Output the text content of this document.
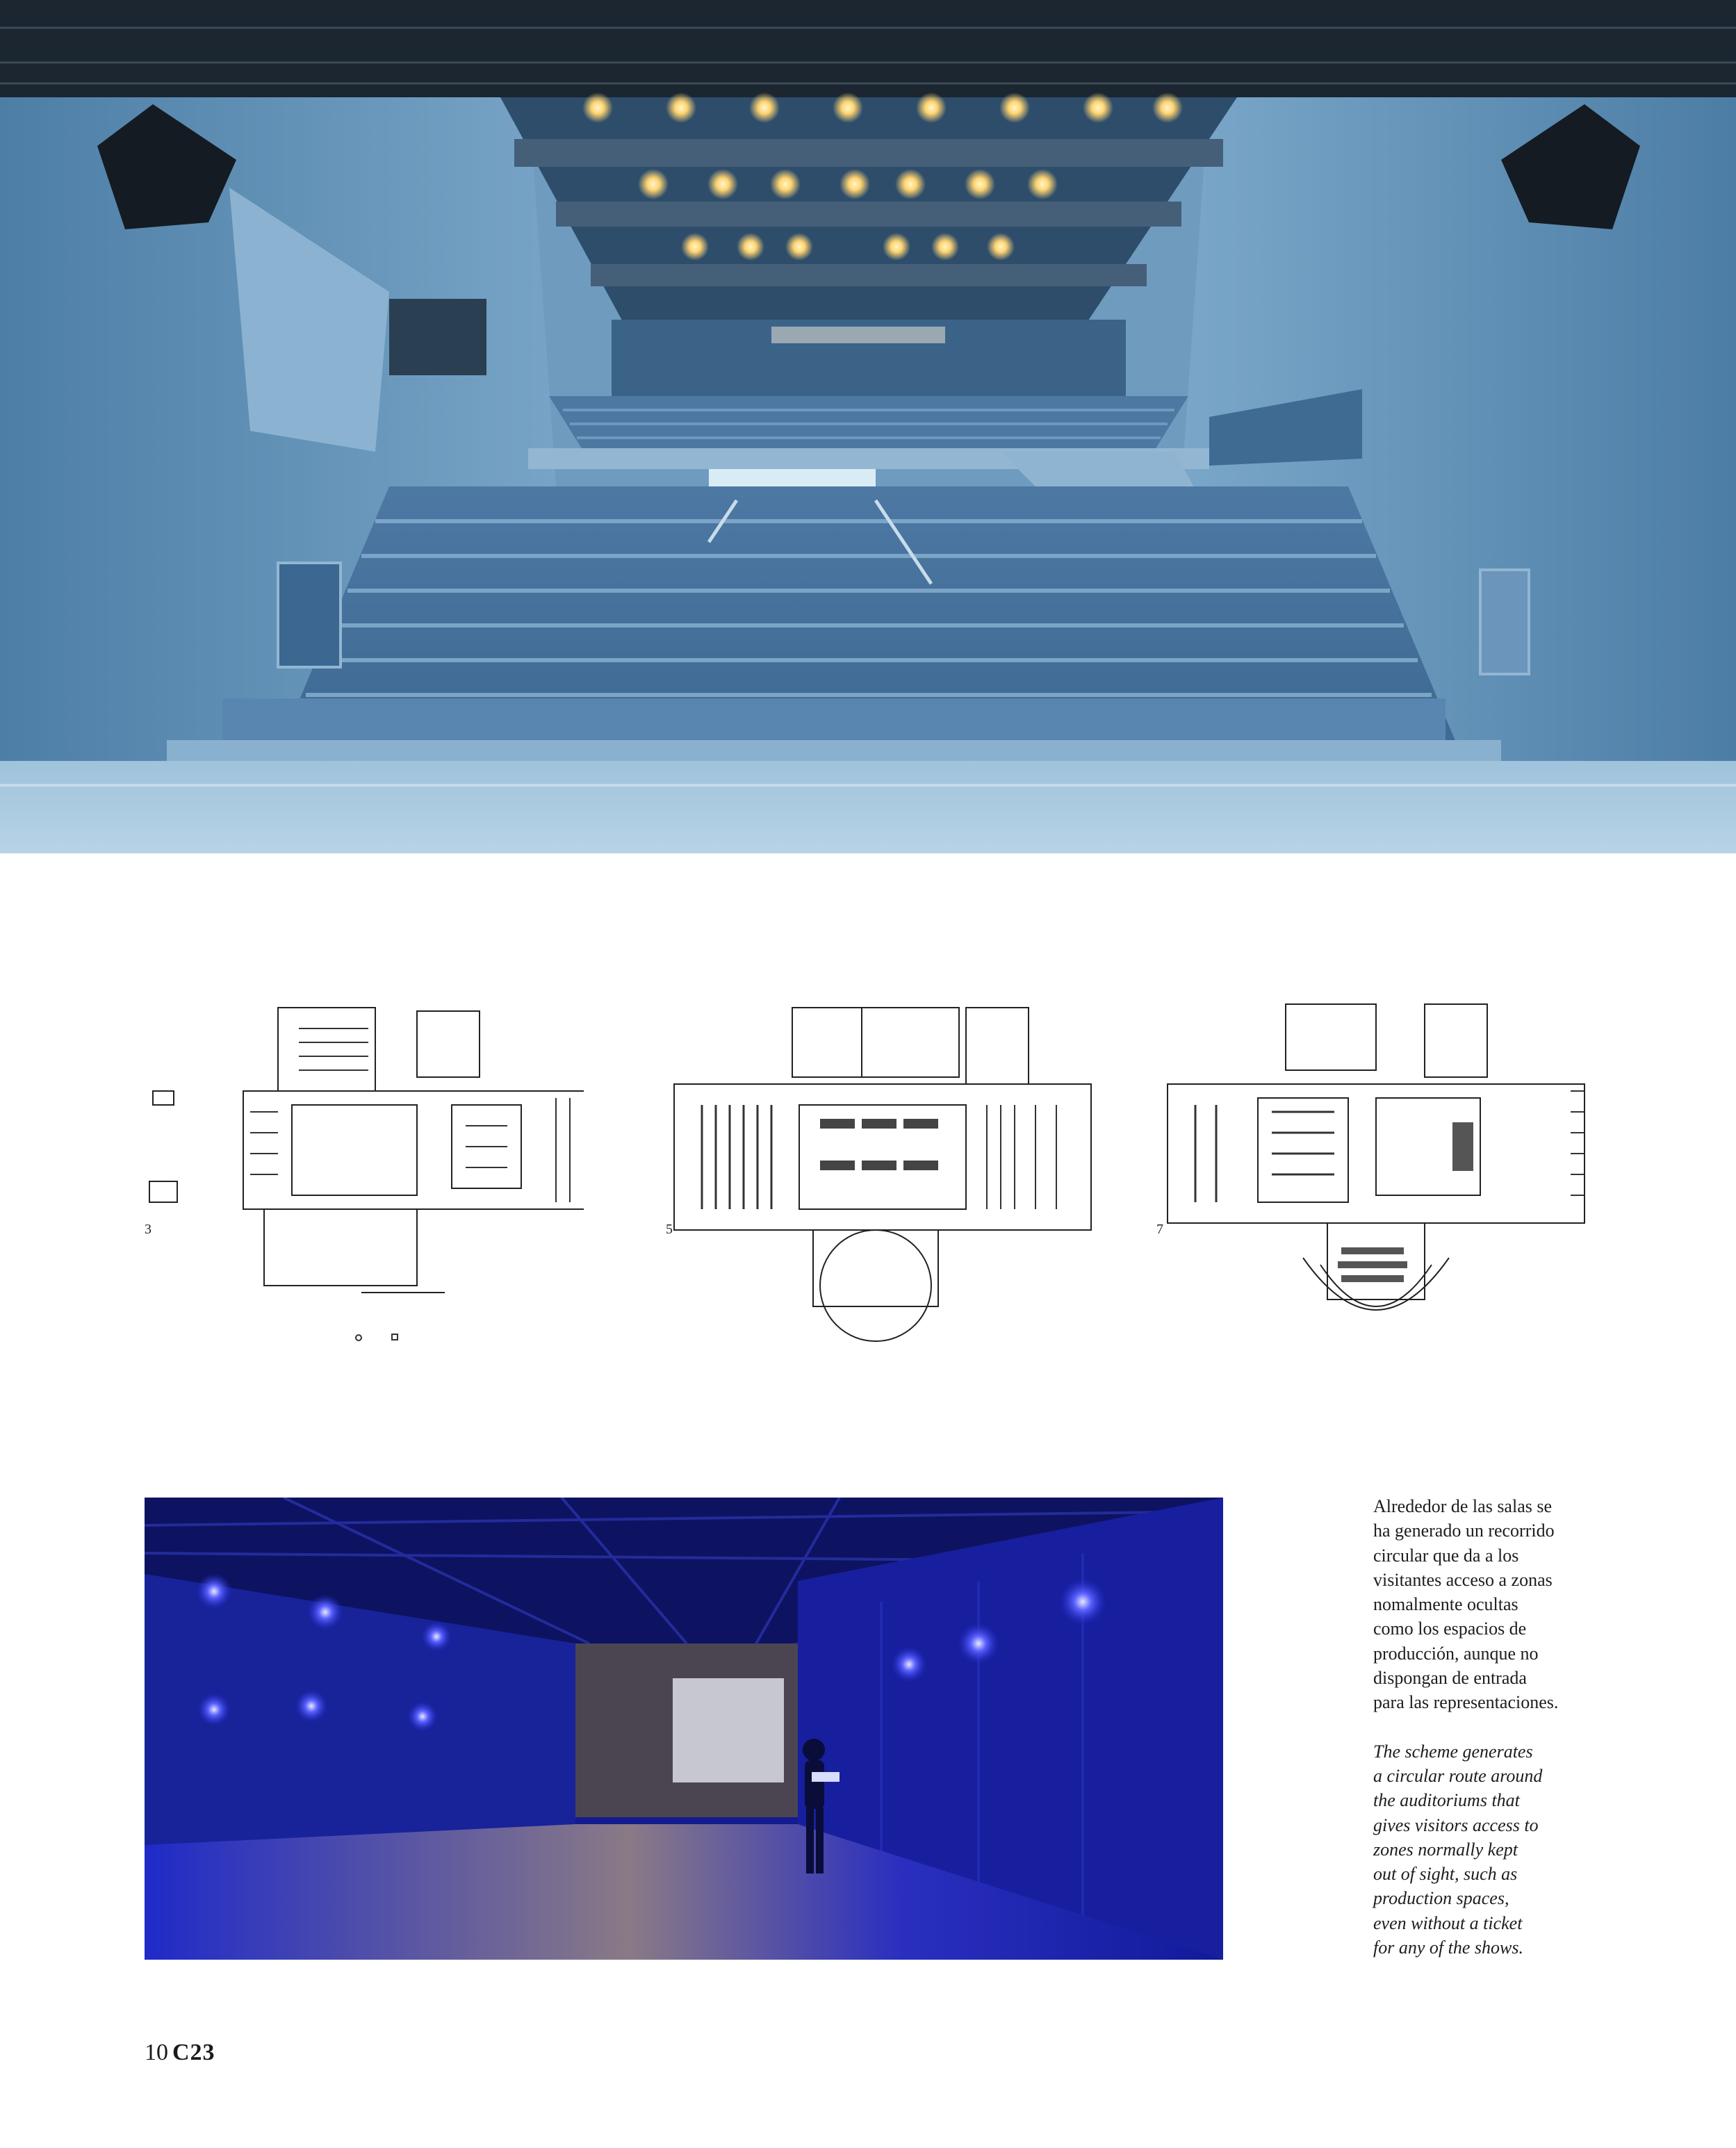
3	5	7
Alrededor de las salas se
ha generado un recorrido
circular que da a los
visitantes acceso a zonas
nomalmente ocultas
como los espacios de
producción, aunque no
dispongan de entrada
para las representaciones.
The scheme generates
a circular route around
the auditoriums that
gives visitors access to
zones normally kept
out of sight, such as
production spaces,
even without a ticket
for any of the shows.
10 C23
